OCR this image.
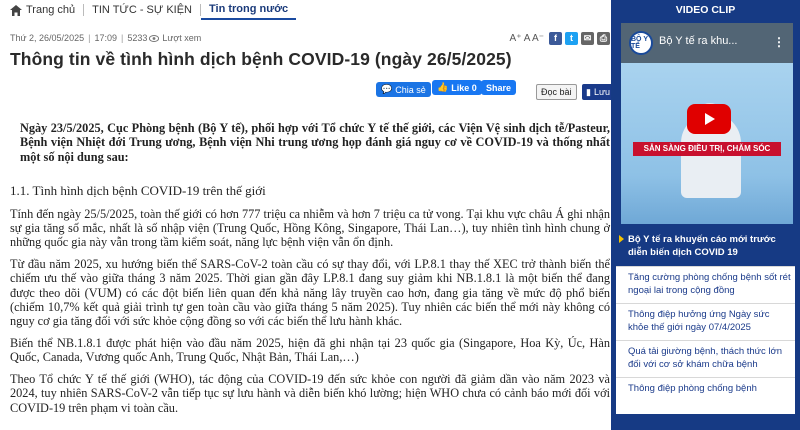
Trang chủ	TIN TỨC - SỰ KIỆN	Tin trong nước
Thứ 2, 26/05/2025 | 17:09 | 5233 Lượt xem	A⁺ A A⁻	f	t	✉ ⎙
Thông tin về tình hình dịch bệnh COVID-19 (ngày 26/5/2025)
💬 Chia sẻ 👍 Like 0	Share	Đọc bài	▮ Lưu

Ngày 23/5/2025, Cục Phòng bệnh (Bộ Y tế), phối hợp với Tổ chức Y tế thế giới, các Viện Vệ sinh dịch tễ/Pasteur, Bệnh viện Nhiệt đới Trung ương, Bệnh viện Nhi trung ương họp đánh giá nguy cơ về COVID-19 và thống nhất một số nội dung sau:

1.1. Tình hình dịch bệnh COVID-19 trên thế giới

Tính đến ngày 25/5/2025, toàn thế giới có hơn 777 triệu ca nhiễm và hơn 7 triệu ca tử vong. Tại khu vực châu Á ghi nhận sự gia tăng số mắc, nhất là số nhập viện (Trung Quốc, Hồng Kông, Singapore, Thái Lan…), tuy nhiên tình hình chung ở những quốc gia này vẫn trong tầm kiểm soát, năng lực bệnh viện vẫn ổn định.

Từ đầu năm 2025, xu hướng biến thể SARS-CoV-2 toàn cầu có sự thay đổi, với LP.8.1 thay thế XEC trở thành biến thể chiếm ưu thế vào giữa tháng 3 năm 2025. Thời gian gần đây LP.8.1 đang suy giảm khi NB.1.8.1 là một biến thể đang được theo dõi (VUM) có các đột biến liên quan đến khả năng lây truyền cao hơn, đang gia tăng về mức độ phổ biến (chiếm 10,7% kết quả giải trình tự gen toàn cầu vào giữa tháng 5 năm 2025). Tuy nhiên các biến thể mới này không có nguy cơ gia tăng đối với sức khỏe cộng đồng so với các biến thể lưu hành khác.

Biến thể NB.1.8.1 được phát hiện vào đầu năm 2025, hiện đã ghi nhận tại 23 quốc gia (Singapore, Hoa Kỳ, Úc, Hàn Quốc, Canada, Vương quốc Anh, Trung Quốc, Nhật Bản, Thái Lan,…)

Theo Tổ chức Y tế thế giới (WHO), tác động của COVID-19 đến sức khỏe con người đã giảm dần vào năm 2023 và 2024, tuy nhiên SARS-CoV-2 vẫn tiếp tục sự lưu hành và diễn biến khó lường; hiện WHO chưa có cảnh báo mới đối với COVID-19 trên phạm vi toàn cầu.

VIDEO CLIP
BỘ Y TẾ	Bộ Y tế ra khu...	⋮
SẴN SÀNG ĐIỀU TRỊ, CHĂM SÓC
Bộ Y tế ra khuyến cáo mới trước diễn biến dịch COVID 19
Tăng cường phòng chống bệnh sốt rét ngoại lai trong cộng đồng
Thông điệp hưởng ứng Ngày sức khỏe thế giới ngày 07/4/2025
Quá tải giường bệnh, thách thức lớn đối với cơ sở khám chữa bệnh
Thông điệp phòng chống bệnh
